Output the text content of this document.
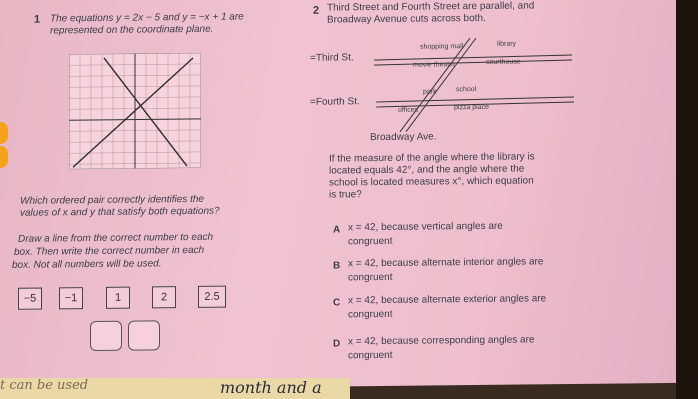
1 The equations y = 2x − 5 and y = −x + 1 are
represented on the coordinate plane.
Which ordered pair correctly identifies the
values of x and y that satisfy both equations?
Draw a line from the correct number to each
box. Then write the correct number in each
box. Not all numbers will be used.
−5	−1	1	2	2.5
2 Third Street and Fourth Street are parallel, and
Broadway Avenue cuts across both.
=Third St.
=Fourth St.
Broadway Ave.
shopping mall	library
movie theater	courthouse
park	school
offices	pizza place
If the measure of the angle where the library is
located equals 42°, and the angle where the
school is located measures x°, which equation
is true?
A x = 42, because vertical angles are
congruent
B x = 42, because alternate interior angles are
congruent
C x = 42, because alternate exterior angles are
congruent
D x = 42, because corresponding angles are
congruent
t can be used	month and a
